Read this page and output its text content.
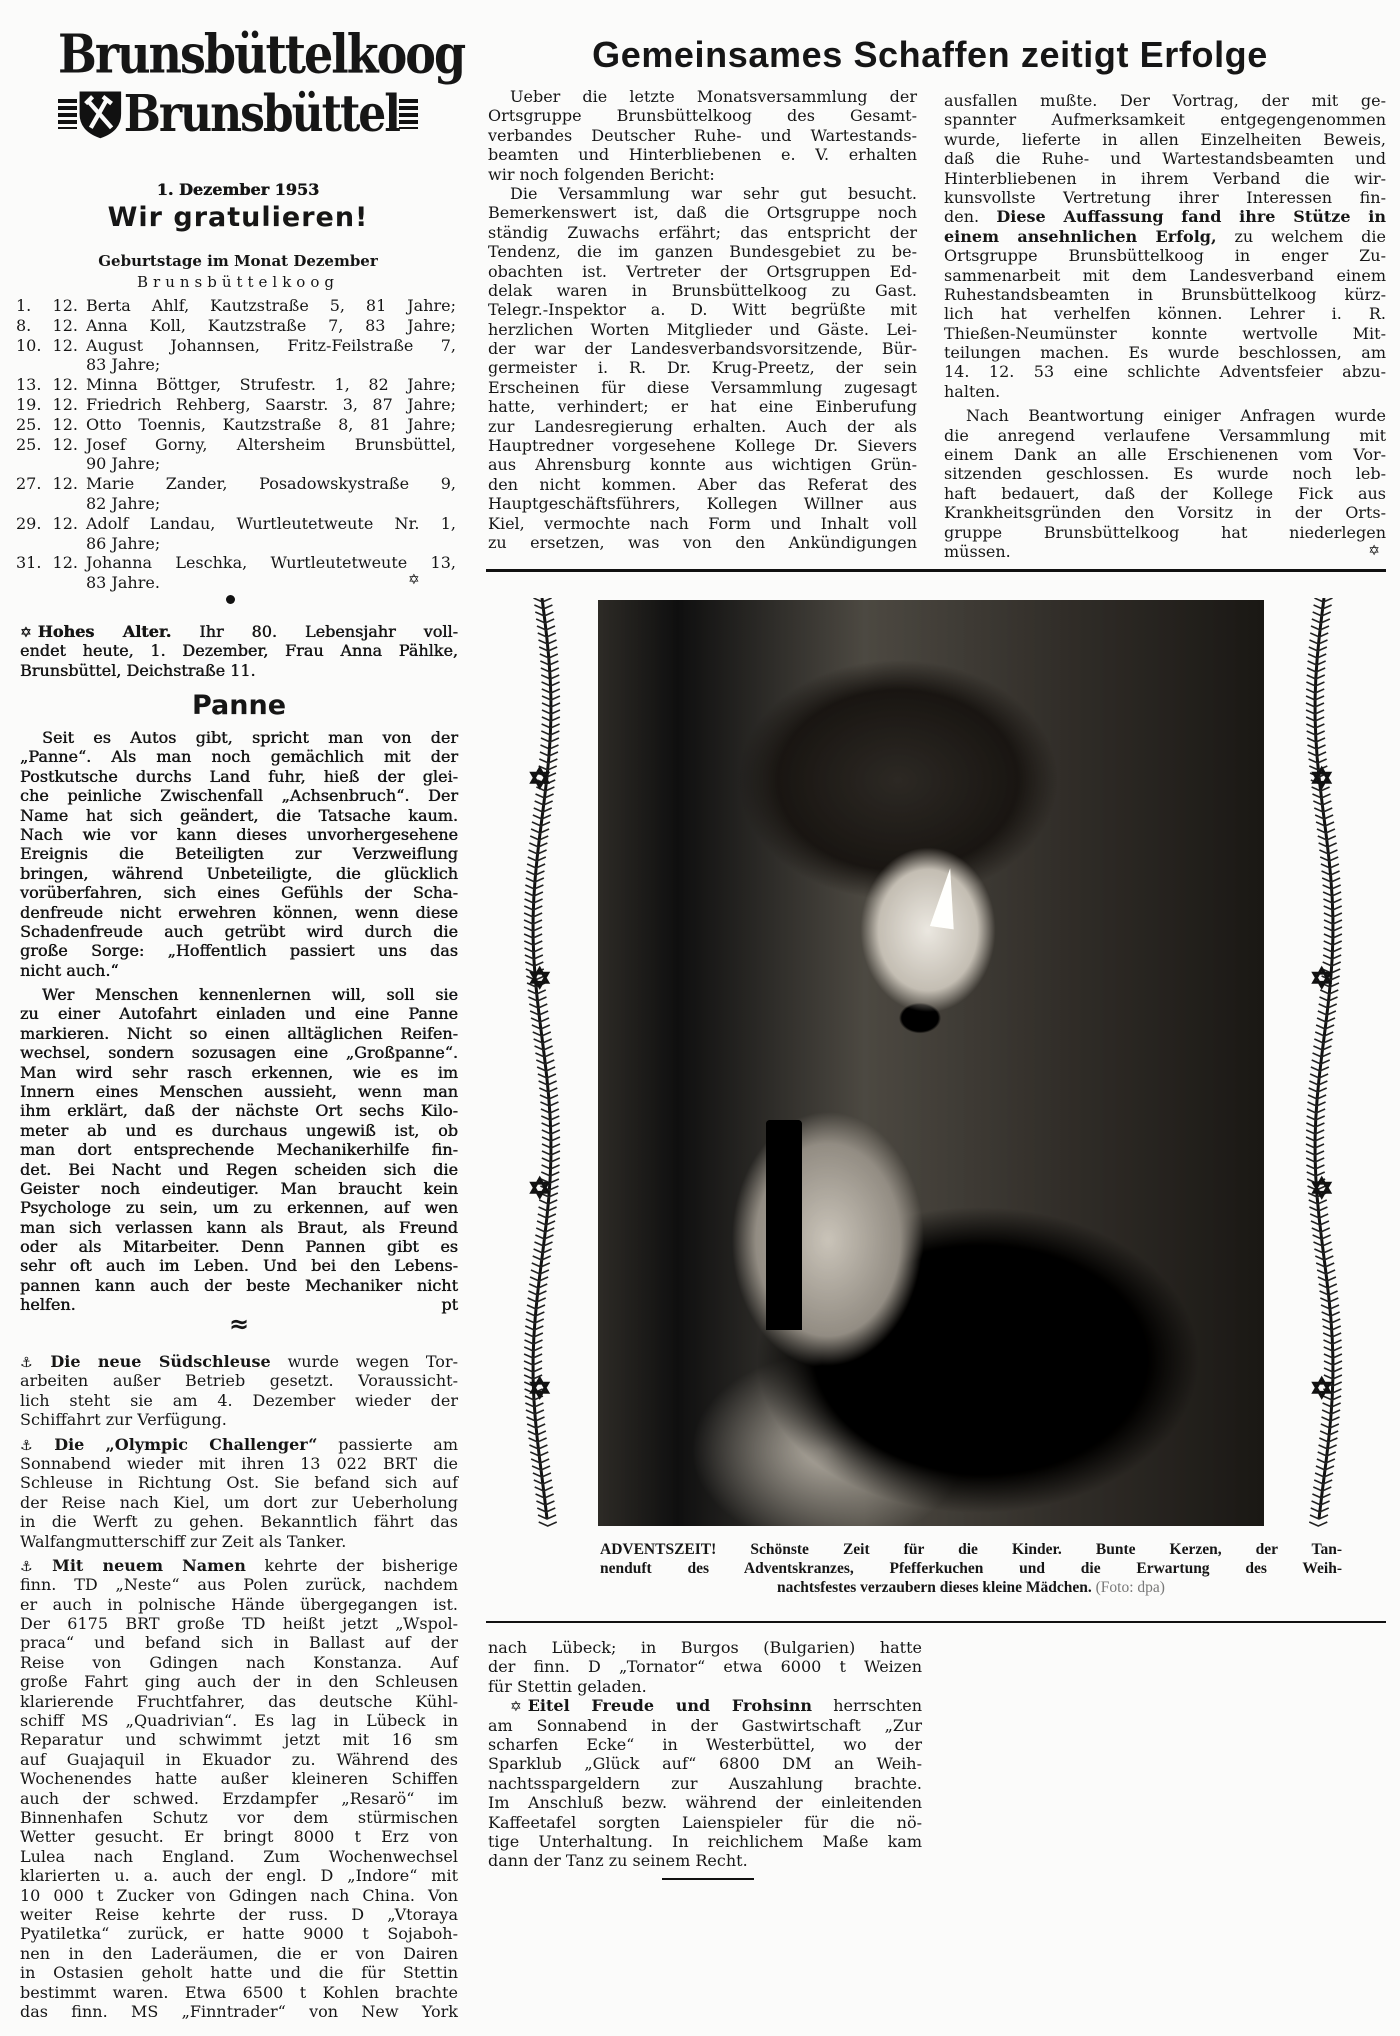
Brunsbüttelkoog
Brunsbüttel
1. Dezember 1953
Wir gratulieren!
Geburtstage im Monat Dezember
Brunsbüttelkoog
1. 12. Berta Ahlf, Kautzstraße 5, 81 Jahre;
8. 12. Anna Koll, Kautzstraße 7, 83 Jahre;
10. 12. August Johannsen, Fritz-Feilstraße 7,
83 Jahre;
13. 12. Minna Böttger, Strufestr. 1, 82 Jahre;
19. 12. Friedrich Rehberg, Saarstr. 3, 87 Jahre;
25. 12. Otto Toennis, Kautzstraße 8, 81 Jahre;
25. 12. Josef Gorny, Altersheim Brunsbüttel,
90 Jahre;
27. 12. Marie Zander, Posadowskystraße 9,
82 Jahre;
29. 12. Adolf Landau, Wurtleutetweute Nr. 1,
86 Jahre;
31. 12. Johanna Leschka, Wurtleutetweute 13,
83 Jahre.	✡
✡ Hohes Alter. Ihr 80. Lebensjahr voll-
endet heute, 1. Dezember, Frau Anna Pählke,
Brunsbüttel, Deichstraße 11.
Panne
Seit es Autos gibt, spricht man von der
„Panne“. Als man noch gemächlich mit der
Postkutsche durchs Land fuhr, hieß der glei-
che peinliche Zwischenfall „Achsenbruch“. Der
Name hat sich geändert, die Tatsache kaum.
Nach wie vor kann dieses unvorhergesehene
Ereignis die Beteiligten zur Verzweiflung
bringen, während Unbeteiligte, die glücklich
vorüberfahren, sich eines Gefühls der Scha-
denfreude nicht erwehren können, wenn diese
Schadenfreude auch getrübt wird durch die
große Sorge: „Hoffentlich passiert uns das
nicht auch.“
Wer Menschen kennenlernen will, soll sie
zu einer Autofahrt einladen und eine Panne
markieren. Nicht so einen alltäglichen Reifen-
wechsel, sondern sozusagen eine „Großpanne“.
Man wird sehr rasch erkennen, wie es im
Innern eines Menschen aussieht, wenn man
ihm erklärt, daß der nächste Ort sechs Kilo-
meter ab und es durchaus ungewiß ist, ob
man dort entsprechende Mechanikerhilfe fin-
det. Bei Nacht und Regen scheiden sich die
Geister noch eindeutiger. Man braucht kein
Psychologe zu sein, um zu erkennen, auf wen
man sich verlassen kann als Braut, als Freund
oder als Mitarbeiter. Denn Pannen gibt es
sehr oft auch im Leben. Und bei den Lebens-
pannen kann auch der beste Mechaniker nicht
helfen.	pt
≈
⚓ Die neue Südschleuse wurde wegen Tor-
arbeiten außer Betrieb gesetzt. Voraussicht-
lich steht sie am 4. Dezember wieder der
Schiffahrt zur Verfügung.
⚓ Die „Olympic Challenger“ passierte am
Sonnabend wieder mit ihren 13 022 BRT die
Schleuse in Richtung Ost. Sie befand sich auf
der Reise nach Kiel, um dort zur Ueberholung
in die Werft zu gehen. Bekanntlich fährt das
Walfangmutterschiff zur Zeit als Tanker.
⚓ Mit neuem Namen kehrte der bisherige
finn. TD „Neste“ aus Polen zurück, nachdem
er auch in polnische Hände übergegangen ist.
Der 6175 BRT große TD heißt jetzt „Wspol-
praca“ und befand sich in Ballast auf der
Reise von Gdingen nach Konstanza. Auf
große Fahrt ging auch der in den Schleusen
klarierende Fruchtfahrer, das deutsche Kühl-
schiff MS „Quadrivian“. Es lag in Lübeck in
Reparatur und schwimmt jetzt mit 16 sm
auf Guajaquil in Ekuador zu. Während des
Wochenendes hatte außer kleineren Schiffen
auch der schwed. Erzdampfer „Resarö“ im
Binnenhafen Schutz vor dem stürmischen
Wetter gesucht. Er bringt 8000 t Erz von
Lulea nach England. Zum Wochenwechsel
klarierten u. a. auch der engl. D „Indore“ mit
10 000 t Zucker von Gdingen nach China. Von
weiter Reise kehrte der russ. D „Vtoraya
Pyatiletka“ zurück, er hatte 9000 t Sojaboh-
nen in den Laderäumen, die er von Dairen
in Ostasien geholt hatte und die für Stettin
bestimmt waren. Etwa 6500 t Kohlen brachte
das finn. MS „Finntrader“ von New York
Gemeinsames Schaffen zeitigt Erfolge
Ueber die letzte Monatsversammlung der
Ortsgruppe Brunsbüttelkoog des Gesamt-
verbandes Deutscher Ruhe- und Wartestands-
beamten und Hinterbliebenen e. V. erhalten
wir noch folgenden Bericht:
Die Versammlung war sehr gut besucht.
Bemerkenswert ist, daß die Ortsgruppe noch
ständig Zuwachs erfährt; das entspricht der
Tendenz, die im ganzen Bundesgebiet zu be-
obachten ist. Vertreter der Ortsgruppen Ed-
delak waren in Brunsbüttelkoog zu Gast.
Telegr.-Inspektor a. D. Witt begrüßte mit
herzlichen Worten Mitglieder und Gäste. Lei-
der war der Landesverbandsvorsitzende, Bür-
germeister i. R. Dr. Krug-Preetz, der sein
Erscheinen für diese Versammlung zugesagt
hatte, verhindert; er hat eine Einberufung
zur Landesregierung erhalten. Auch der als
Hauptredner vorgesehene Kollege Dr. Sievers
aus Ahrensburg konnte aus wichtigen Grün-
den nicht kommen. Aber das Referat des
Hauptgeschäftsführers, Kollegen Willner aus
Kiel, vermochte nach Form und Inhalt voll
zu ersetzen, was von den Ankündigungen
ausfallen mußte. Der Vortrag, der mit ge-
spannter Aufmerksamkeit entgegengenommen
wurde, lieferte in allen Einzelheiten Beweis,
daß die Ruhe- und Wartestandsbeamten und
Hinterbliebenen in ihrem Verband die wir-
kunsvollste Vertretung ihrer Interessen fin-
den. Diese Auffassung fand ihre Stütze in
einem ansehnlichen Erfolg, zu welchem die
Ortsgruppe Brunsbüttelkoog in enger Zu-
sammenarbeit mit dem Landesverband einem
Ruhestandsbeamten in Brunsbüttelkoog kürz-
lich hat verhelfen können. Lehrer i. R.
Thießen-Neumünster konnte wertvolle Mit-
teilungen machen. Es wurde beschlossen, am
14. 12. 53 eine schlichte Adventsfeier abzu-
halten.
Nach Beantwortung einiger Anfragen wurde
die anregend verlaufene Versammlung mit
einem Dank an alle Erschienenen vom Vor-
sitzenden geschlossen. Es wurde noch leb-
haft bedauert, daß der Kollege Fick aus
Krankheitsgründen den Vorsitz in der Orts-
gruppe Brunsbüttelkoog hat niederlegen
müssen.	✡
✡
✡
✡
✡
✡
✡
✡
✡
ADVENTSZEIT! Schönste Zeit für die Kinder. Bunte Kerzen, der Tan-
nenduft des Adventskranzes, Pfefferkuchen und die Erwartung des Weih-
nachtsfestes verzaubern dieses kleine Mädchen. (Foto: dpa)
nach Lübeck; in Burgos (Bulgarien) hatte
der finn. D „Tornator“ etwa 6000 t Weizen
für Stettin geladen.
✡ Eitel Freude und Frohsinn herrschten
am Sonnabend in der Gastwirtschaft „Zur
scharfen Ecke“ in Westerbüttel, wo der
Sparklub „Glück auf“ 6800 DM an Weih-
nachtsspargeldern zur Auszahlung brachte.
Im Anschluß bezw. während der einleitenden
Kaffeetafel sorgten Laienspieler für die nö-
tige Unterhaltung. In reichlichem Maße kam
dann der Tanz zu seinem Recht.
